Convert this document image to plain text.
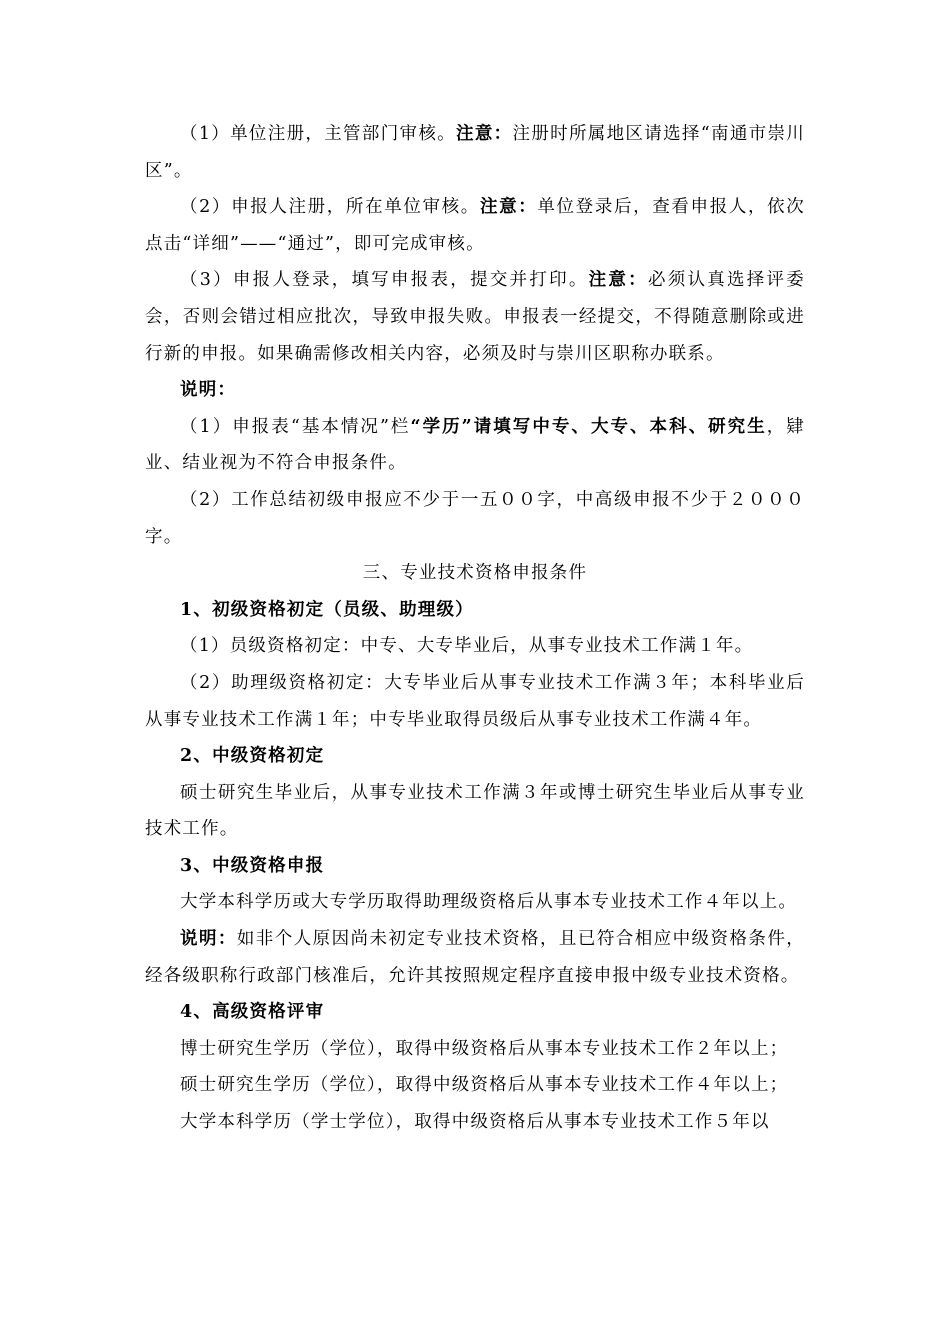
（1）单位注册，主管部门审核。注意：注册时所属地区请选择“南通市崇川区”。

（2）申报人注册，所在单位审核。注意：单位登录后，查看申报人，依次点击“详细”——“通过”，即可完成审核。

（3）申报人登录，填写申报表，提交并打印。注意：必须认真选择评委会，否则会错过相应批次，导致申报失败。申报表一经提交，不得随意删除或进行新的申报。如果确需修改相关内容，必须及时与崇川区职称办联系。

说明：

（1）申报表“基本情况”栏“学历”请填写中专、大专、本科、研究生，肄业、结业视为不符合申报条件。

（2）工作总结初级申报应不少于一五００字，中高级申报不少于２０００字。

三、专业技术资格申报条件

1、初级资格初定（员级、助理级）

（1）员级资格初定：中专、大专毕业后，从事专业技术工作满１年。

（2）助理级资格初定：大专毕业后从事专业技术工作满３年；本科毕业后从事专业技术工作满１年；中专毕业取得员级后从事专业技术工作满４年。

2、中级资格初定

硕士研究生毕业后，从事专业技术工作满３年或博士研究生毕业后从事专业技术工作。

3、中级资格申报

大学本科学历或大专学历取得助理级资格后从事本专业技术工作４年以上。

说明：如非个人原因尚未初定专业技术资格，且已符合相应中级资格条件，经各级职称行政部门核准后，允许其按照规定程序直接申报中级专业技术资格。

4、高级资格评审

博士研究生学历（学位），取得中级资格后从事本专业技术工作２年以上；

硕士研究生学历（学位），取得中级资格后从事本专业技术工作４年以上；

大学本科学历（学士学位），取得中级资格后从事本专业技术工作５年以
